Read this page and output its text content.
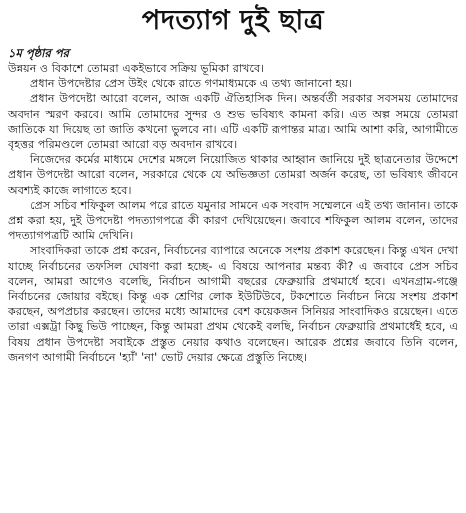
পদত্যাগ দুই ছাত্র

১ম পৃষ্ঠার পর

উন্নয়ন ও বিকাশে তোমরা একইভাবে সক্রিয় ভূমিকা রাখবে।

প্রধান উপদেষ্টার প্রেস উইং থেকে রাতে গণমাধ্যমকে এ তথ্য জানানো হয়।

প্রধান উপদেষ্টা আরো বলেন, আজ একটি ঐতিহাসিক দিন। অন্তর্বর্তী সরকার সবসময় তোমাদের অবদান স্মরণ করবে। আমি তোমাদের সুন্দর ও শুভ ভবিষ্যৎ কামনা করি। এত অল্প সময়ে তোমরা জাতিকে যা দিয়েছ তা জাতি কখনো ভুলবে না। এটি একটি রূপান্তর মাত্র। আমি আশা করি, আগামীতে বৃহত্তর পরিমণ্ডলে তোমরা আরো বড় অবদান রাখবে।

নিজেদের কর্মের মাধ্যমে দেশের মঙ্গলে নিয়োজিত থাকার আহ্বান জানিয়ে দুই ছাত্রনেতার উদ্দেশে প্রধান উপদেষ্টা আরো বলেন, সরকারে থেকে যে অভিজ্ঞতা তোমরা অর্জন করেছ, তা ভবিষ্যৎ জীবনে অবশ্যই কাজে লাগাতে হবে।

প্রেস সচিব শফিকুল আলম পরে রাতে যমুনার সামনে এক সংবাদ সম্মেলনে এই তথ্য জানান। তাকে প্রশ্ন করা হয়, দুই উপদেষ্টা পদত্যাগপত্রে কী কারণ দেখিয়েছেন। জবাবে শফিকুল আলম বলেন, তাদের পদত্যাগপত্রটি আমি দেখিনি।

সাংবাদিকরা তাকে প্রশ্ন করেন, নির্বাচনের ব্যাপারে অনেকে সংশয় প্রকাশ করেছেন। কিন্তু এখন দেখা যাচ্ছে নির্বাচনের তফসিল ঘোষণা করা হচ্ছে- এ বিষয়ে আপনার মন্তব্য কী? এ জবাবে প্রেস সচিব বলেন, আমরা আগেও বলেছি, নির্বাচন আগামী বছরের ফেব্রুয়ারি প্রথমার্ধে হবে। এখনগ্রাম-গঞ্জে নির্বাচনের জোয়ার বইছে। কিন্তু এক শ্রেণির লোক ইউটিউবে, টকশোতে নির্বাচন নিয়ে সংশয় প্রকাশ করছেন, অপপ্রচার করছেন। তাদের মধ্যে আমাদের বেশ কয়েকজন সিনিয়র সাংবাদিকও রয়েছেন। এতে তারা এক্সট্রা কিছু ভিউ পাচ্ছেন, কিন্তু আমরা প্রথম থেকেই বলছি, নির্বাচন ফেব্রুয়ারি প্রথমার্ধেই হবে, এ বিষয় প্রধান উপদেষ্টা সবাইকে প্রস্তুত নেয়ার কথাও বলেছেন। আরেক প্রশ্নের জবাবে তিনি বলেন, জনগণ আগামী নির্বাচনে 'হ্যাঁ' 'না' ভোট দেয়ার ক্ষেত্রে প্রস্তুতি নিচ্ছে।
